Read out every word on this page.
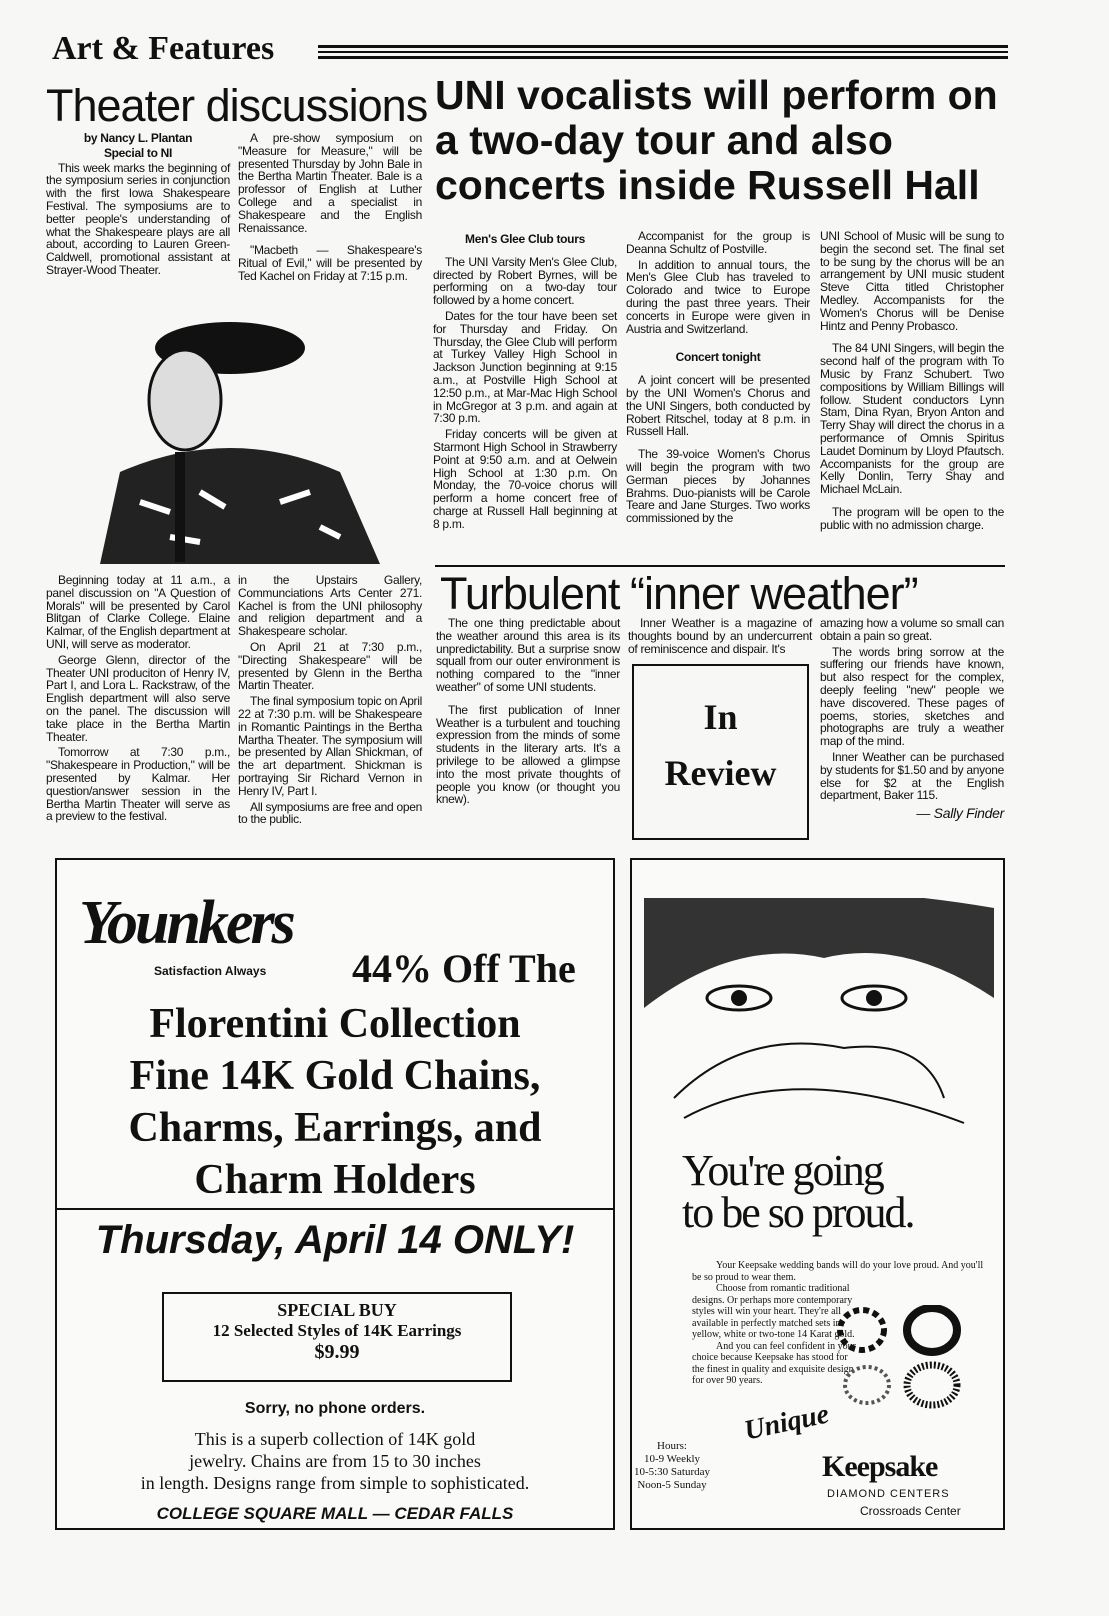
Art & Features
Theater discussions UNI vocalists will perform on a two-day tour and also concerts inside Russell Hall
by Nancy L. Plantan
Special to NI

This week marks the beginning of the symposium series in conjunction with the first Iowa Shakespeare Festival. The symposiums are to better people's understanding of what the Shakespeare plays are all about, according to Lauren Green-Caldwell, promotional assistant at Strayer-Wood Theater.

A pre-show symposium on "Measure for Measure," will be presented Thursday by John Bale in the Bertha Martin Theater. Bale is a professor of English at Luther College and a specialist in Shakespeare and the English Renaissance.

"Macbeth — Shakespeare's Ritual of Evil," will be presented by Ted Kachel on Friday at 7:15 p.m.

Men's Glee Club tours

The UNI Varsity Men's Glee Club, directed by Robert Byrnes, will be performing on a two-day tour followed by a home concert.

Dates for the tour have been set for Thursday and Friday. On Thursday, the Glee Club will perform at Turkey Valley High School in Jackson Junction beginning at 9:15 a.m., at Postville High School at 12:50 p.m., at Mar-Mac High School in McGregor at 3 p.m. and again at 7:30 p.m.

Friday concerts will be given at Starmont High School in Strawberry Point at 9:50 a.m. and at Oelwein High School at 1:30 p.m. On Monday, the 70-voice chorus will perform a home concert free of charge at Russell Hall beginning at 8 p.m.

Accompanist for the group is Deanna Schultz of Postville.

In addition to annual tours, the Men's Glee Club has traveled to Colorado and twice to Europe during the past three years. Their concerts in Europe were given in Austria and Switzerland.

Concert tonight

A joint concert will be presented by the UNI Women's Chorus and the UNI Singers, both conducted by Robert Ritschel, today at 8 p.m. in Russell Hall.

The 39-voice Women's Chorus will begin the program with two German pieces by Johannes Brahms. Duo-pianists will be Carole Teare and Jane Sturges. Two works commissioned by the

UNI School of Music will be sung to begin the second set. The final set to be sung by the chorus will be an arrangement by UNI music student Steve Citta titled Christopher Medley. Accompanists for the Women's Chorus will be Denise Hintz and Penny Probasco.

The 84 UNI Singers, will begin the second half of the program with To Music by Franz Schubert. Two compositions by William Billings will follow. Student conductors Lynn Stam, Dina Ryan, Bryon Anton and Terry Shay will direct the chorus in a performance of Omnis Spiritus Laudet Dominum by Lloyd Pfautsch. Accompanists for the group are Kelly Donlin, Terry Shay and Michael McLain.

The program will be open to the public with no admission charge.

Beginning today at 11 a.m., a panel discussion on "A Question of Morals" will be presented by Carol Blitgan of Clarke College. Elaine Kalmar, of the English department at UNI, will serve as moderator.

George Glenn, director of the Theater UNI produciton of Henry IV, Part I, and Lora L. Rackstraw, of the English department will also serve on the panel. The discussion will take place in the Bertha Martin Theater.

Tomorrow at 7:30 p.m., "Shakespeare in Production," will be presented by Kalmar. Her question/answer session in the Bertha Martin Theater will serve as a preview to the festival.

in the Upstairs Gallery, Communciations Arts Center 271. Kachel is from the UNI philosophy and religion department and a Shakespeare scholar.

On April 21 at 7:30 p.m., "Directing Shakespeare" will be presented by Glenn in the Bertha Martin Theater.

The final symposium topic on April 22 at 7:30 p.m. will be Shakespeare in Romantic Paintings in the Bertha Martha Theater. The symposium will be presented by Allan Shickman, of the art department. Shickman is portraying Sir Richard Vernon in Henry IV, Part I.

All symposiums are free and open to the public.

Turbulent “inner weather”

The one thing predictable about the weather around this area is its unpredictability. But a surprise snow squall from our outer environment is nothing compared to the "inner weather" of some UNI students.

The first publication of Inner Weather is a turbulent and touching expression from the minds of some students in the literary arts. It's a privilege to be allowed a glimpse into the most private thoughts of people you know (or thought you knew).

Inner Weather is a magazine of thoughts bound by an undercurrent of reminiscence and dispair. It's

In
Review

amazing how a volume so small can obtain a pain so great.

The words bring sorrow at the suffering our friends have known, but also respect for the complex, deeply feeling "new" people we have discovered. These pages of poems, stories, sketches and photographs are truly a weather map of the mind.

Inner Weather can be purchased by students for $1.50 and by anyone else for $2 at the English department, Baker 115.

— Sally Finder
Younkers
Satisfaction Always 44% Off The
Florentini Collection
Fine 14K Gold Chains,
Charms, Earrings, and
Charm Holders
Thursday, April 14 ONLY!
SPECIAL BUY
12 Selected Styles of 14K Earrings
$9.99
Sorry, no phone orders.
This is a superb collection of 14K gold
jewelry. Chains are from 15 to 30 inches
in length. Designs range from simple to sophisticated.
COLLEGE SQUARE MALL — CEDAR FALLS
You're going
to be so proud.
Your Keepsake wedding bands will do your love proud. And you'll be so proud to wear them.
Choose from romantic traditional designs. Or perhaps more contemporary styles will win your heart. They're all available in perfectly matched sets in yellow, white or two-tone 14 Karat gold.
And you can feel confident in your choice because Keepsake has stood for the finest in quality and exquisite design for over 90 years.
Hours:
10-9 Weekly
10-5:30 Saturday
Noon-5 Sunday
Unique
Keepsake
DIAMOND CENTERS
Crossroads Center
